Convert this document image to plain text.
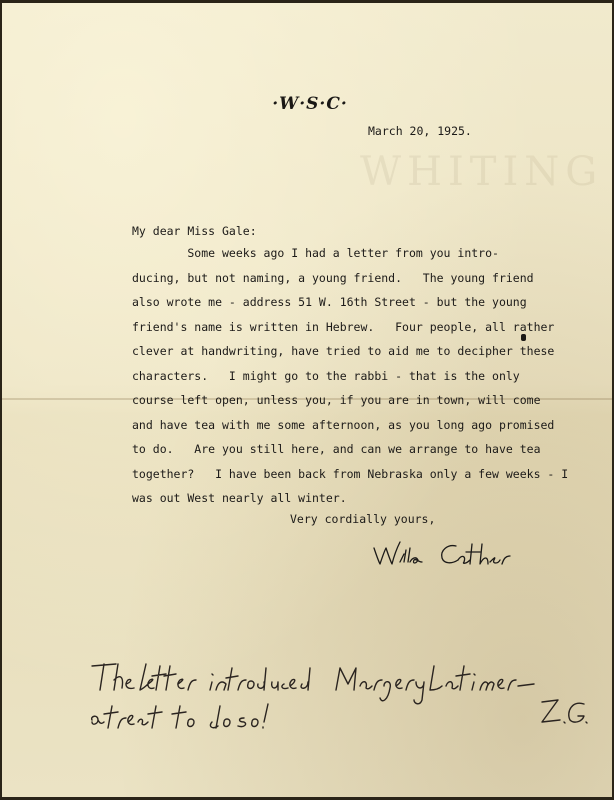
WHITING
·W·S·C·
March 20, 1925.
My dear Miss Gale:
Some weeks ago I had a letter from you intro-
ducing, but not naming, a young friend.   The young friend
also wrote me - address 51 W. 16th Street - but the young
friend's name is written in Hebrew.   Four people, all rather
clever at handwriting, have tried to aid me to decipher these
characters.   I might go to the rabbi - that is the only
course left open, unless you, if you are in town, will come
and have tea with me some afternoon, as you long ago promised
to do.   Are you still here, and can we arrange to have tea
together?   I have been back from Nebraska only a few weeks - I
was out West nearly all winter.
Very cordially yours,
